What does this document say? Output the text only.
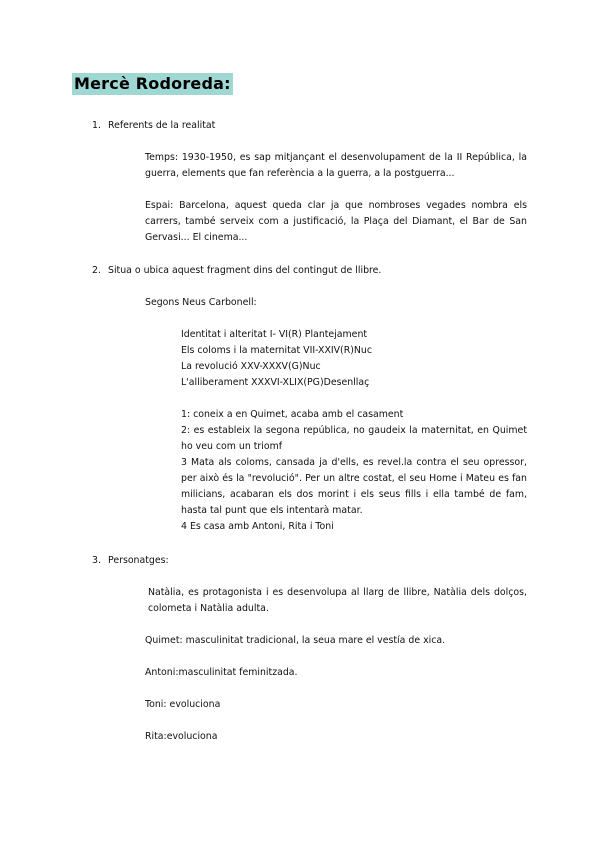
Mercè Rodoreda:
1. Referents de la realitat
Temps: 1930-1950, es sap mitjançant el desenvolupament de la II República, la guerra, elements que fan referència a la guerra, a la postguerra...
Espai: Barcelona, aquest queda clar ja que nombroses vegades nombra els carrers, també serveix com a justificació, la Plaça del Diamant, el Bar de San Gervasi... El cinema...
2. Situa o ubica aquest fragment dins del contingut de llibre.
Segons Neus Carbonell:
Identitat i alteritat I- VI(R) Plantejament
Els coloms i la maternitat VII-XXIV(R)Nuc
La revolució XXV-XXXV(G)Nuc
L'alliberament XXXVI-XLIX(PG)Desenllaç
1: coneix a en Quimet, acaba amb el casament
2: es estableix la segona república, no gaudeix la maternitat, en Quimet ho veu com un triomf
3 Mata als coloms, cansada ja d'ells, es revel.la contra el seu opressor, per això és la "revolució". Per un altre costat, el seu Home i Mateu es fan milicians, acabaran els dos morint i els seus fills i ella també de fam, hasta tal punt que els intentarà matar.
4 Es casa amb Antoni, Rita i Toni
3. Personatges:
Natàlia, es protagonista i es desenvolupa al llarg de llibre, Natàlia dels dolços, colometa i Natàlia adulta.
Quimet: masculinitat tradicional, la seua mare el vestía de xica.
Antoni:masculinitat feminitzada.
Toni: evoluciona
Rita:evoluciona
